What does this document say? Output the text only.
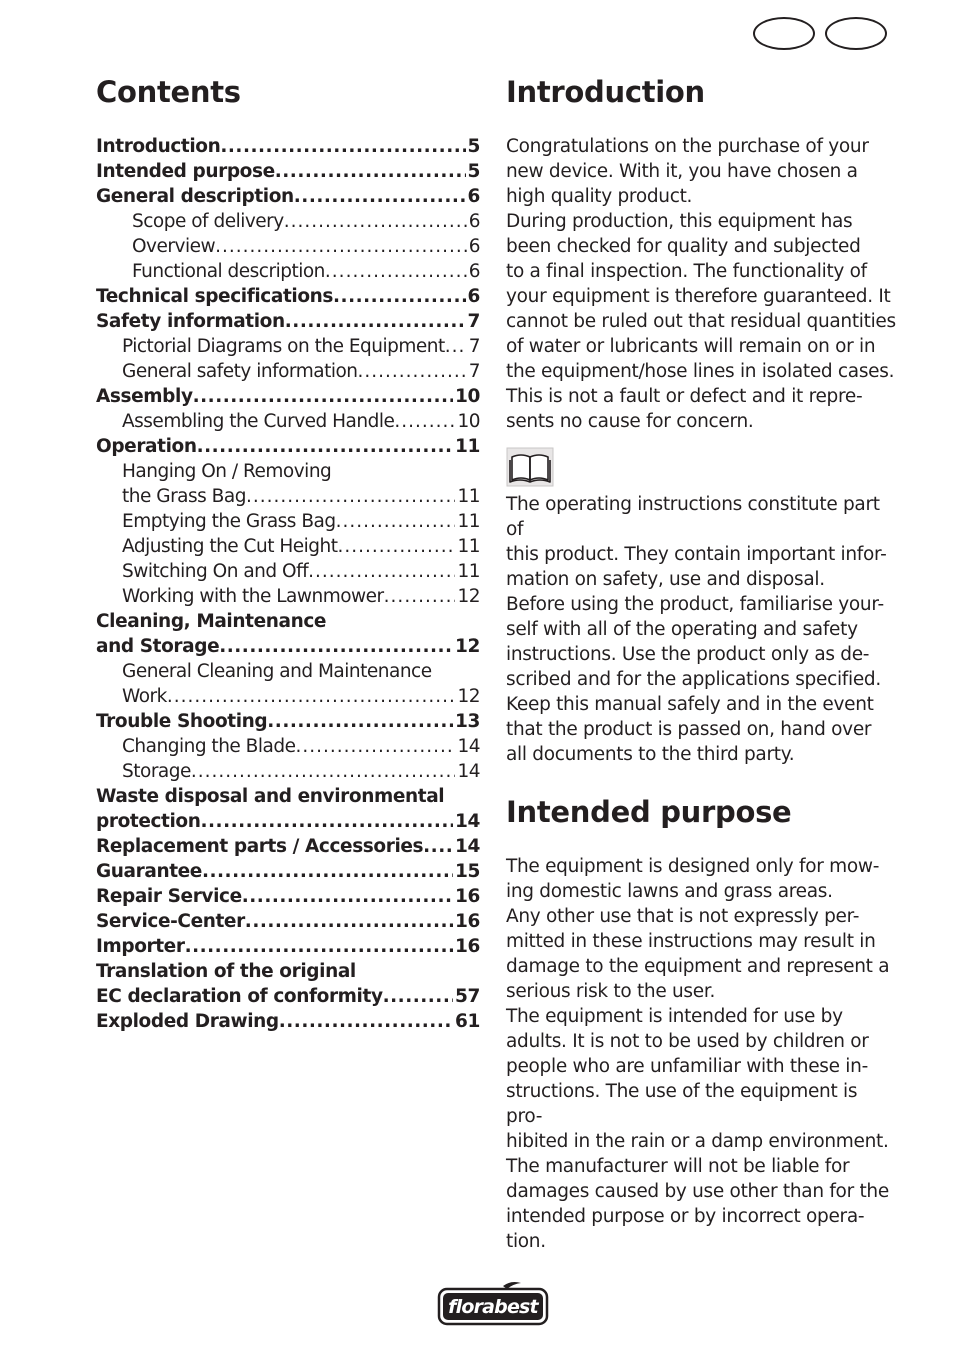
Contents
Introduction .....	5
Intended purpose .....	5
General description .....	6
Scope of delivery .....	6
Overview .....	6
Functional description .....	6
Technical specifications .....	6
Safety information .....	7
Pictorial Diagrams on the Equipment ..... 7
General safety information .....	7
Assembly .....	10
Assembling the Curved Handle .....	10
Operation .....	11
Hanging On / Removing
the Grass Bag .....	11
Emptying the Grass Bag .....	11
Adjusting the Cut Height .....	11
Switching On and Off .....	11
Working with the Lawnmower .....	12
Cleaning, Maintenance
and Storage .....	12
General Cleaning and Maintenance
Work .....	12
Trouble Shooting .....	13
Changing the Blade .....	14
Storage .....	14
Waste disposal and environmental
protection .....	14
Replacement parts / Accessories ..... 14
Guarantee .....	15
Repair Service .....	16
Service-Center .....	16
Importer .....	16
Translation of the original
EC declaration of conformity .....	57
Exploded Drawing .....	61
Introduction
Congratulations on the purchase of your
new device. With it, you have chosen a
high quality product.
During production, this equipment has
been checked for quality and subjected
to a final inspection. The functionality of
your equipment is therefore guaranteed. It
cannot be ruled out that residual quantities
of water or lubricants will remain on or in
the equipment/hose lines in isolated cases.
This is not a fault or defect and it repre-
sents no cause for concern.
The operating instructions constitute part of
this product. They contain important infor-
mation on safety, use and disposal.
Before using the product, familiarise your-
self with all of the operating and safety
instructions. Use the product only as de-
scribed and for the applications specified.
Keep this manual safely and in the event
that the product is passed on, hand over
all documents to the third party.
Intended purpose
The equipment is designed only for mow-
ing domestic lawns and grass areas.
Any other use that is not expressly per-
mitted in these instructions may result in
damage to the equipment and represent a
serious risk to the user.
The equipment is intended for use by
adults. It is not to be used by children or
people who are unfamiliar with these in-
structions. The use of the equipment is pro-
hibited in the rain or a damp environment.
The manufacturer will not be liable for
damages caused by use other than for the
intended purpose or by incorrect opera-
tion.
florabest
